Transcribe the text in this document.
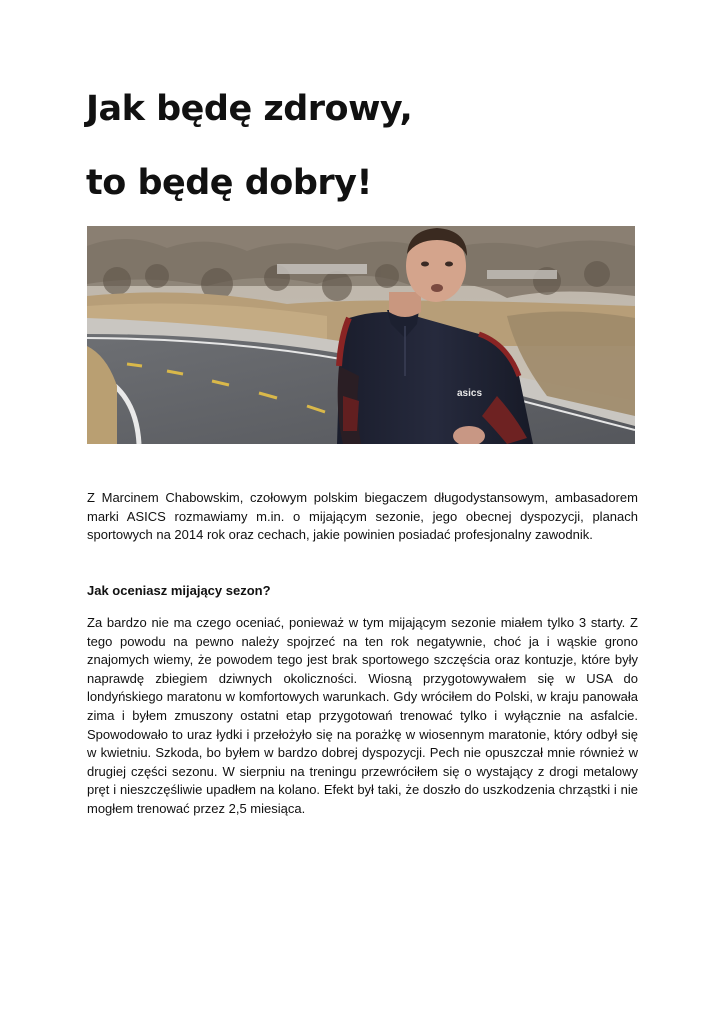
Jak będę zdrowy,
to będę dobry!
asics

Z Marcinem Chabowskim, czołowym polskim biegaczem długodystansowym, ambasadorem marki ASICS rozmawiamy m.in. o mijającym sezonie, jego obecnej dyspozycji, planach sportowych na 2014 rok oraz cechach, jakie powinien posiadać profesjonalny zawodnik.

Jak oceniasz mijający sezon?

Za bardzo nie ma czego oceniać, ponieważ w tym mijającym sezonie miałem tylko 3 starty. Z tego powodu na pewno należy spojrzeć na ten rok negatywnie, choć ja i wąskie grono znajomych wiemy, że powodem tego jest brak sportowego szczęścia oraz kontuzje, które były naprawdę zbiegiem dziwnych okoliczności. Wiosną przygotowywałem się w USA do londyńskiego maratonu w komfortowych warunkach. Gdy wróciłem do Polski, w kraju panowała zima i byłem zmuszony ostatni etap przygotowań trenować tylko i wyłącznie na asfalcie. Spowodowało to uraz łydki i przełożyło się na porażkę w wiosennym maratonie, który odbył się w kwietniu. Szkoda, bo byłem w bardzo dobrej dyspozycji. Pech nie opuszczał mnie również w drugiej części sezonu. W sierpniu na treningu przewróciłem się o wystający z drogi metalowy pręt i nieszczęśliwie upadłem na kolano. Efekt był taki, że doszło do uszkodzenia chrząstki i nie mogłem trenować przez 2,5 miesiąca.
